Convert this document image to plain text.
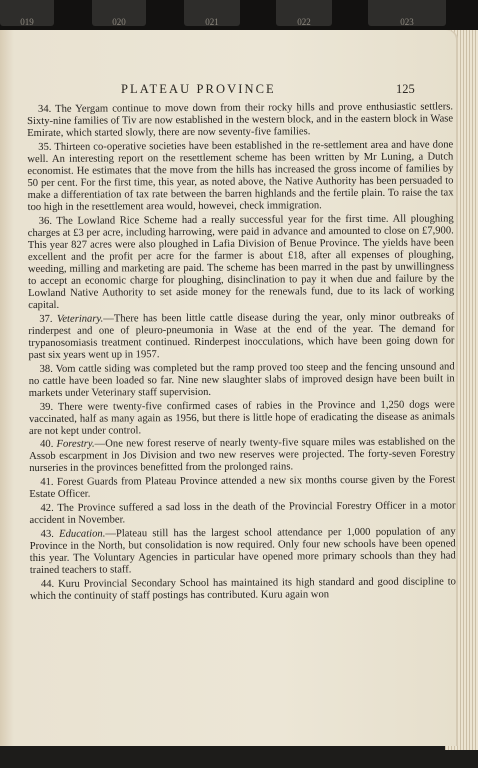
019	020	021	022	023
PLATEAU PROVINCE	125

34. The Yergam continue to move down from their rocky hills and prove enthusiastic settlers. Sixty-nine families of Tiv are now established in the western block, and in the eastern block in Wase Emirate, which started slowly, there are now seventy-five families.

35. Thirteen co-operative societies have been established in the re-settlement area and have done well. An interesting report on the resettlement scheme has been written by Mr Luning, a Dutch economist. He estimates that the move from the hills has increased the gross income of families by 50 per cent. For the first time, this year, as noted above, the Native Authority has been persuaded to make a differentiation of tax rate between the barren highlands and the fertile plain. To raise the tax too high in the resettlement area would, howevei, check immigration.

36. The Lowland Rice Scheme had a really successful year for the first time. All ploughing charges at £3 per acre, including harrowing, were paid in advance and amounted to close on £7,900. This year 827 acres were also ploughed in Lafia Division of Benue Province. The yields have been excellent and the profit per acre for the farmer is about £18, after all expenses of ploughing, weeding, milling and marketing are paid. The scheme has been marred in the past by unwillingness to accept an economic charge for ploughing, disinclination to pay it when due and failure by the Lowland Native Authority to set aside money for the renewals fund, due to its lack of working capital.

37. Veterinary.—There has been little cattle disease during the year, only minor outbreaks of rinderpest and one of pleuro-pneumonia in Wase at the end of the year. The demand for trypanosomiasis treatment continued. Rinderpest inocculations, which have been going down for past six years went up in 1957.

38. Vom cattle siding was completed but the ramp proved too steep and the fencing unsound and no cattle have been loaded so far. Nine new slaughter slabs of improved design have been built in markets under Veterinary staff supervision.

39. There were twenty-five confirmed cases of rabies in the Province and 1,250 dogs were vaccinated, half as many again as 1956, but there is little hope of eradicating the disease as animals are not kept under control.

40. Forestry.—One new forest reserve of nearly twenty-five square miles was established on the Assob escarpment in Jos Division and two new reserves were projected. The forty-seven Forestry nurseries in the provinces benefitted from the prolonged rains.

41. Forest Guards from Plateau Province attended a new six months course given by the Forest Estate Officer.

42. The Province suffered a sad loss in the death of the Provincial Forestry Officer in a motor accident in November.

43. Education.—Plateau still has the largest school attendance per 1,000 population of any Province in the North, but consolidation is now required. Only four new schools have been opened this year. The Voluntary Agencies in particular have opened more primary schools than they had trained teachers to staff.

44. Kuru Provincial Secondary School has maintained its high standard and good discipline to which the continuity of staff postings has contributed. Kuru again won
